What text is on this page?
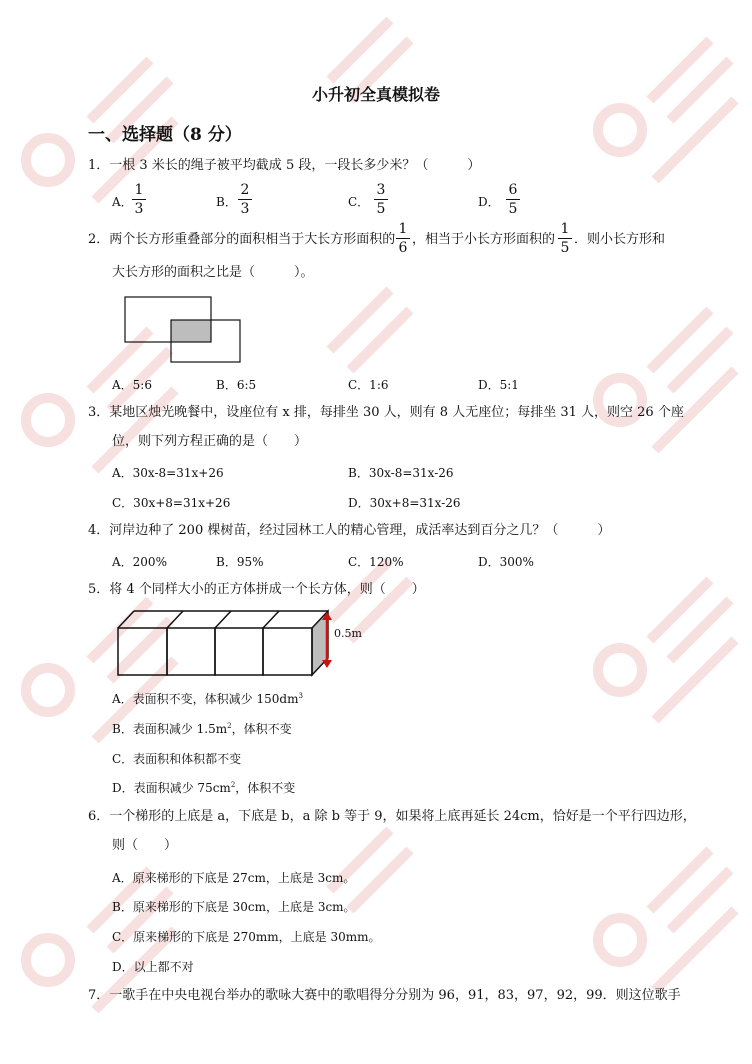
小升初全真模拟卷
一、选择题（8 分）
1．一根 3 米长的绳子被平均截成 5 段，一段长多少米？（　　　）
A．
1
3	B．
2
3	C．
3
5	D．
6
5
2．两个长方形重叠部分的面积相当于大长方形面积的
1
6
，相当于小长方形面积的
1
5
．则小长方形和
大长方形的面积之比是（　　　）。
A．5:6	B．6:5	C．1:6	D．5:1
3．某地区烛光晚餐中，设座位有 x 排，每排坐 30 人，则有 8 人无座位；每排坐 31 人，则空 26 个座
位，则下列方程正确的是（　　）
A．30x-8=31x+26	B．30x-8=31x-26
C．30x+8=31x+26	D．30x+8=31x-26
4．河岸边种了 200 棵树苗，经过园林工人的精心管理，成活率达到百分之几？（　　　）
A．200%	B．95%	C．120%	D．300%
5．将 4 个同样大小的正方体拼成一个长方体，则（　　）
0.5m
A．表面积不变，体积减少 $150dm^3$
B．表面积减少 $1.5m^2$，体积不变
C．表面积和体积都不变
D．表面积减少 $75cm^2$，体积不变
6．一个梯形的上底是 a，下底是 b，a 除 b 等于 9，如果将上底再延长 24cm，恰好是一个平行四边形，
则（　　）
A．原来梯形的下底是 27cm，上底是 3cm。
B．原来梯形的下底是 30cm，上底是 3cm。
C．原来梯形的下底是 270mm，上底是 30mm。
D．以上都不对
7．一歌手在中央电视台举办的歌咏大赛中的歌唱得分分别为 96，91，83，97，92，99．则这位歌手
